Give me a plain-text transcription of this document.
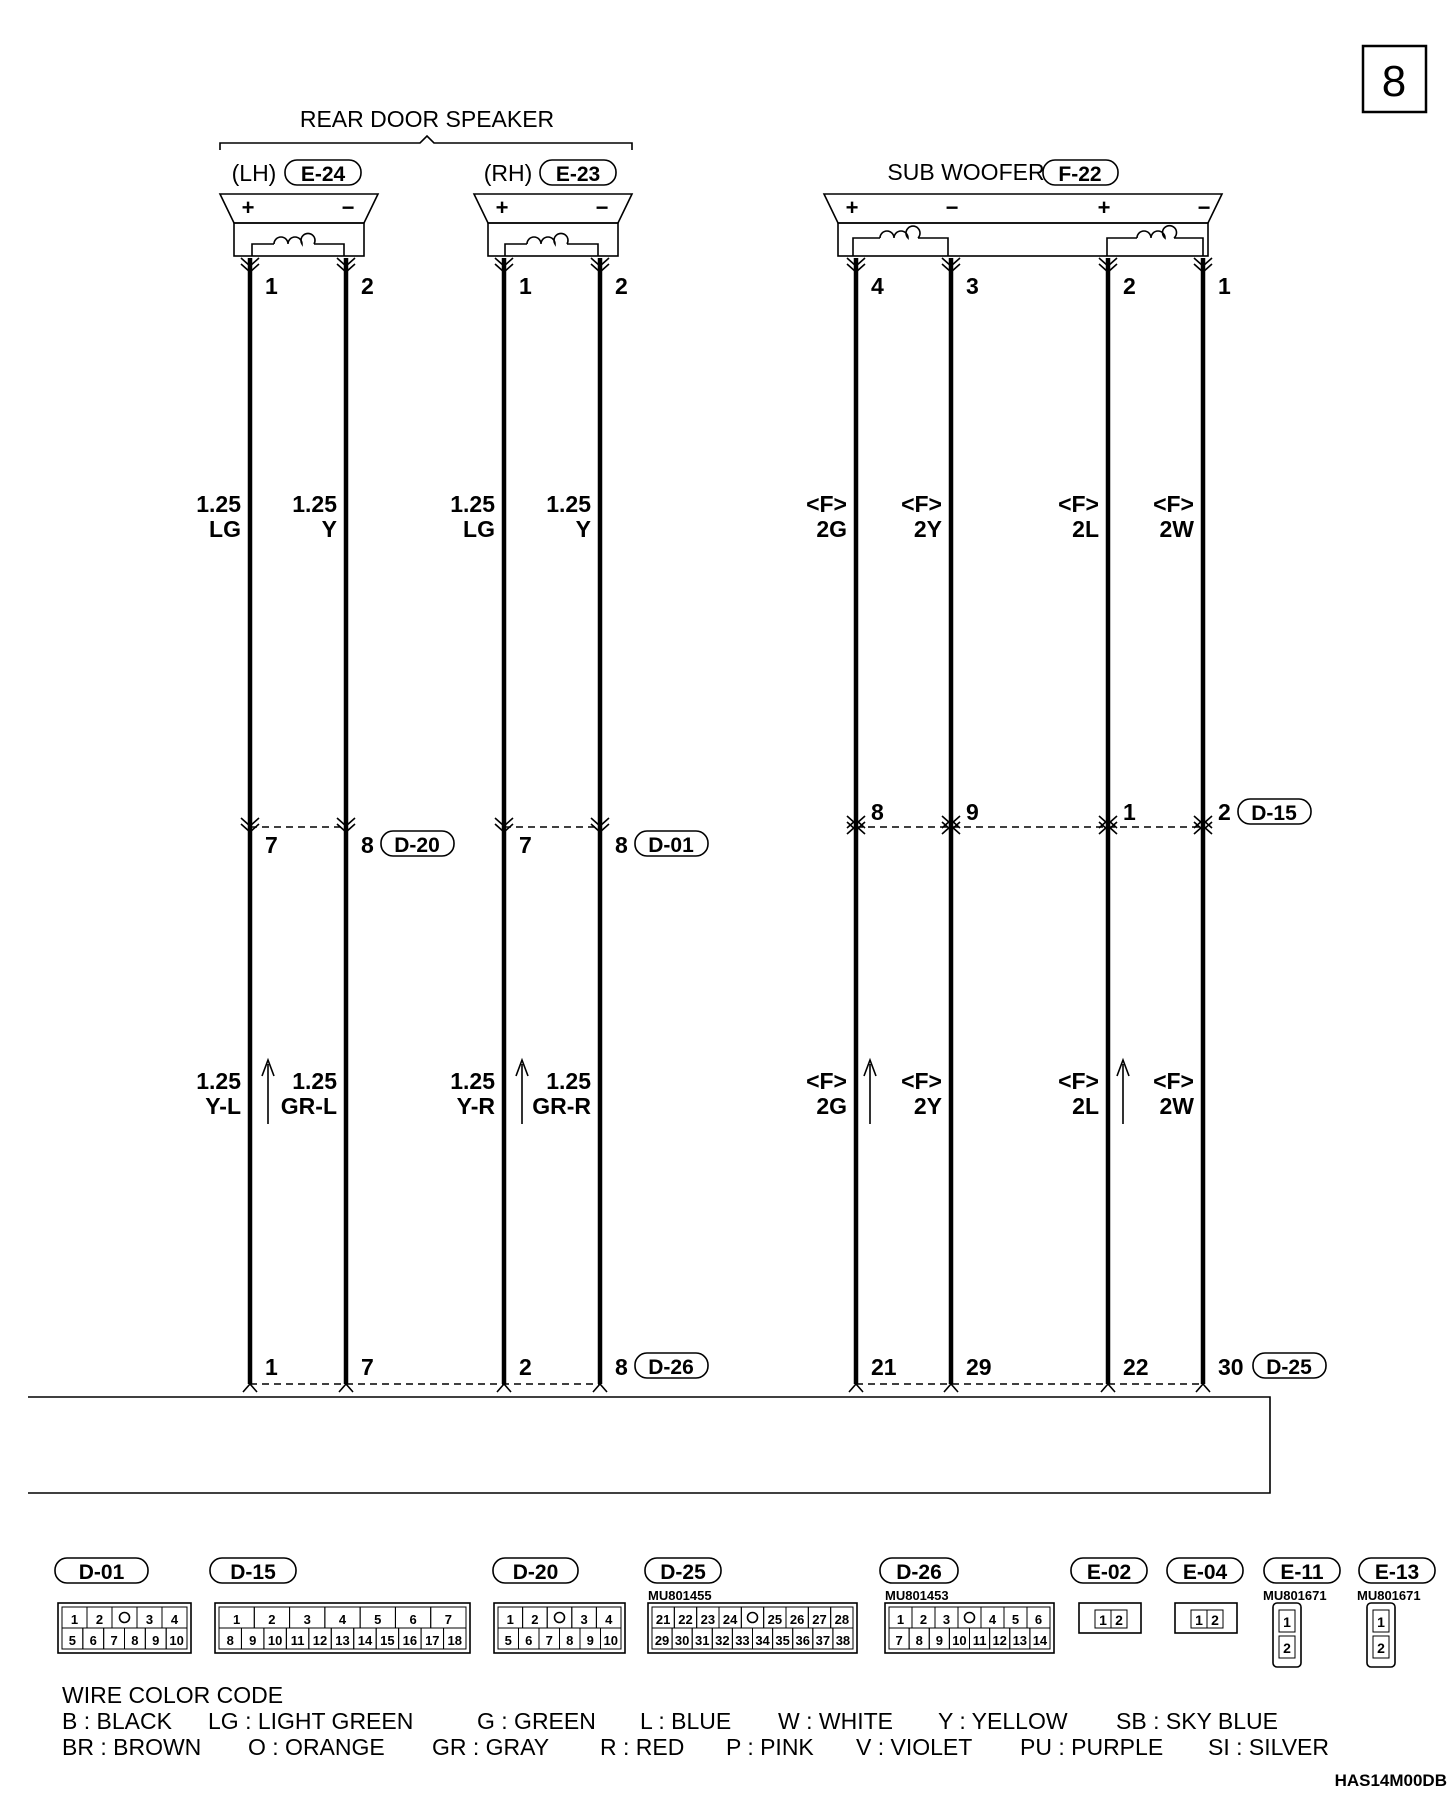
8
REAR DOOR SPEAKER
(LH) E-24	(RH) E-23	SUB WOOFER F-22
+	−	+	−	+	−	+	−
1
7
1
1.25
LG
1.25
Y-L
2
8
7
1.25
Y
1.25
GR-L
1
7
2
1.25
LG
1.25
Y-R
2
8
8
1.25
Y
1.25
GR-R
4
8
21
<F>
2G
<F>
2G
3
9
29
<F>
2Y
<F>
2Y
2
1
22
<F>
2L
<F>
2L
1
2
30
<F>
2W
<F>
2W
D-20	D-01
D-15
D-26	D-25
D-01
1 2	3 4
5 6 7 8 9 10
D-15
1 2 3 4 5 6 7
8 9 10 11 12 13 14 15 16 17 18
D-20
1 2	3 4
5 6 7 8 9 10
D-25
MU801455
21 22 23 24 25 26 27 28
29 30 31 32 33 34 35 36 37 38
D-26
MU801453
1 2 3	4 5 6
7 8 9 10 11 12 13 14
E-02
1 2
E-04
1 2
E-11
MU801671
1
2
E-13
MU801671
1
2
WIRE COLOR CODE
B : BLACK LG : LIGHT GREEN	G : GREEN L : BLUE W : WHITE Y : YELLOW SB : SKY BLUE
BR : BROWN O : ORANGE GR : GRAY R : RED P : PINK V : VIOLET PU : PURPLE SI : SILVER
HAS14M00DB
